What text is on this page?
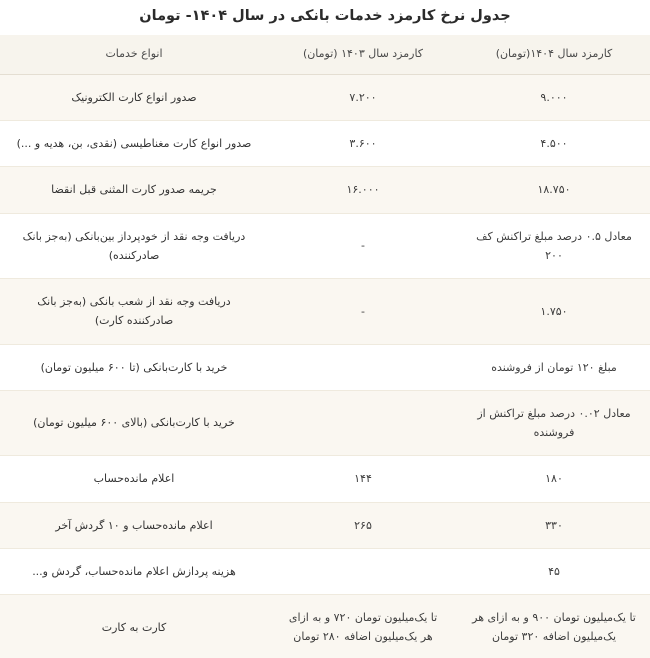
جدول نرخ کارمزد خدمات بانکی در سال ۱۴۰۴- تومان
کارمزد سال ۱۴۰۴(تومان)	کارمزد سال ۱۴۰۳ (تومان)	انواع خدمات
۹.۰۰۰	۷.۲۰۰	صدور انواع کارت الکترونیک
۴.۵۰۰	۳.۶۰۰	صدور انواع کارت مغناطیسی (نقدی، بن، هدیه و ...)
۱۸.۷۵۰	۱۶.۰۰۰	جریمه صدور کارت المثنی قبل انقضا
معادل ۰.۵ درصد مبلغ تراکنش کف ۲۰۰	-	دریافت وجه نقد از خودپرداز بین‌بانکی (به‌جز بانک صادرکننده)
۱.۷۵۰	-	دریافت وجه نقد از شعب بانکی (به‌جز بانک صادرکننده کارت)
مبلغ ۱۲۰ تومان از فروشنده		خرید با کارت‌بانکی (تا ۶۰۰ میلیون تومان)
معادل ۰.۰۲ درصد مبلغ تراکنش از فروشنده		خرید با کارت‌بانکی (بالای ۶۰۰ میلیون تومان)
۱۸۰	۱۴۴	اعلام مانده‌حساب
۳۳۰	۲۶۵	اعلام مانده‌حساب و ۱۰ گردش آخر
۴۵		هزینه پردازش اعلام مانده‌حساب، گردش و...
تا یک‌میلیون تومان ۹۰۰ و به ازای هر یک‌میلیون اضافه ۳۲۰ تومان	تا یک‌میلیون تومان ۷۲۰ و به ازای هر یک‌میلیون اضافه ۲۸۰ تومان	کارت به کارت
